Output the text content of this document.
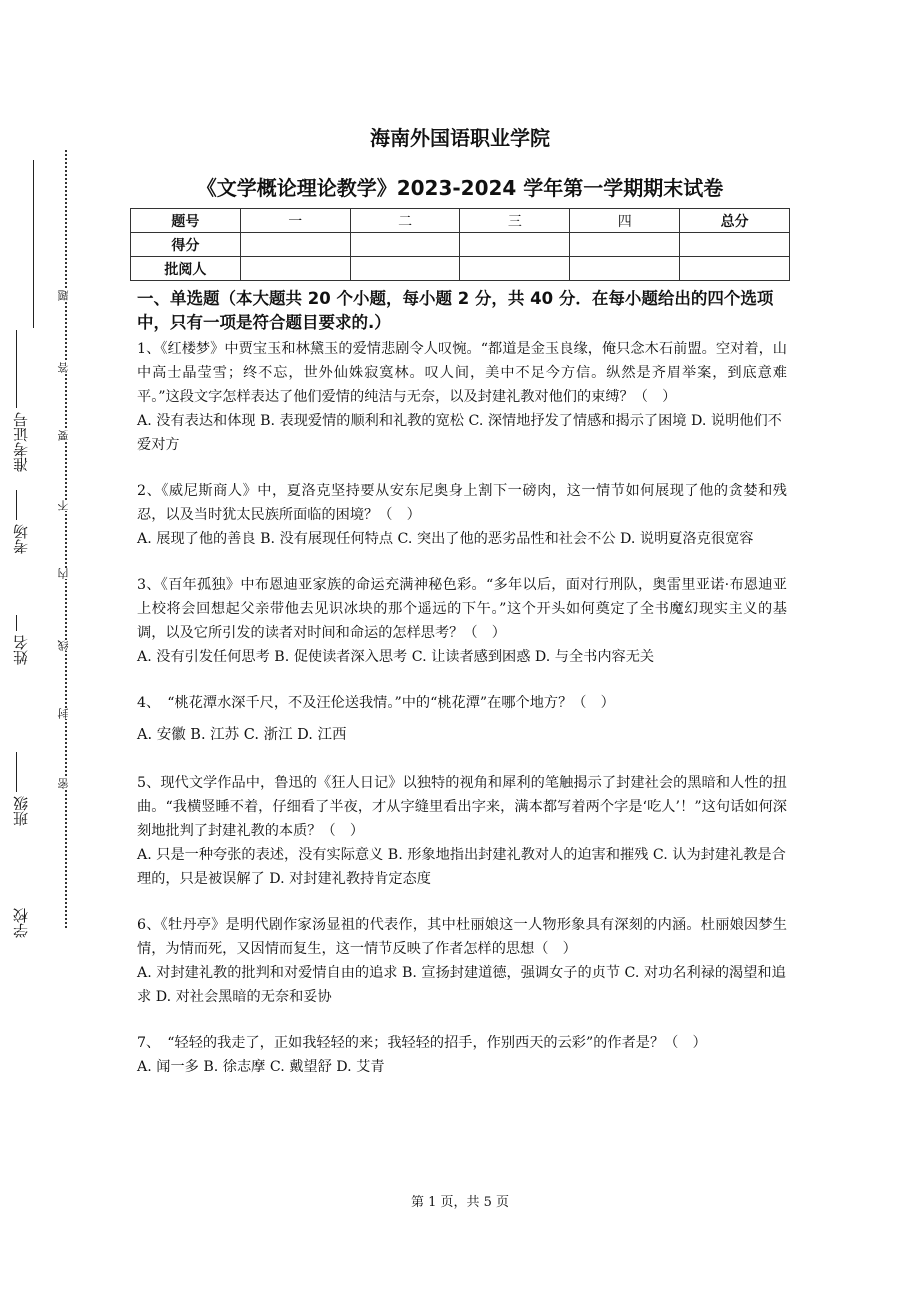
准考证号
考场
姓名
班级
学校
题
答
要
不
内
线
封
密
海南外国语职业学院
《文学概论理论教学》2023-2024 学年第一学期期末试卷
题号	一	二	三	四	总分
得分					
批阅人					
一、单选题（本大题共 20 个小题，每小题 2 分，共 40 分．在每小题给出的四个选项中，只有一项是符合题目要求的.）
1、《红楼梦》中贾宝玉和林黛玉的爱情悲剧令人叹惋。“都道是金玉良缘，俺只念木石前盟。空对着，山中高士晶莹雪；终不忘，世外仙姝寂寞林。叹人间，美中不足今方信。纵然是齐眉举案，到底意难平。”这段文字怎样表达了他们爱情的纯洁与无奈，以及封建礼教对他们的束缚？（　）
A. 没有表达和体现 B. 表现爱情的顺利和礼教的宽松 C. 深情地抒发了情感和揭示了困境 D. 说明他们不爱对方
2、《威尼斯商人》中，夏洛克坚持要从安东尼奥身上割下一磅肉，这一情节如何展现了他的贪婪和残忍，以及当时犹太民族所面临的困境？（　）
A. 展现了他的善良 B. 没有展现任何特点 C. 突出了他的恶劣品性和社会不公 D. 说明夏洛克很宽容
3、《百年孤独》中布恩迪亚家族的命运充满神秘色彩。“多年以后，面对行刑队，奥雷里亚诺·布恩迪亚上校将会回想起父亲带他去见识冰块的那个遥远的下午。”这个开头如何奠定了全书魔幻现实主义的基调，以及它所引发的读者对时间和命运的怎样思考？（　）
A. 没有引发任何思考 B. 促使读者深入思考 C. 让读者感到困惑 D. 与全书内容无关
4、　“桃花潭水深千尺，不及汪伦送我情。”中的“桃花潭”在哪个地方？（　）
A. 安徽 B. 江苏 C. 浙江 D. 江西
5、现代文学作品中，鲁迅的《狂人日记》以独特的视角和犀利的笔触揭示了封建社会的黑暗和人性的扭曲。“我横竖睡不着，仔细看了半夜，才从字缝里看出字来，满本都写着两个字是‘吃人’！”这句话如何深刻地批判了封建礼教的本质？（　）
A. 只是一种夸张的表述，没有实际意义 B. 形象地指出封建礼教对人的迫害和摧残 C. 认为封建礼教是合理的，只是被误解了 D. 对封建礼教持肯定态度
6、《牡丹亭》是明代剧作家汤显祖的代表作，其中杜丽娘这一人物形象具有深刻的内涵。杜丽娘因梦生情，为情而死，又因情而复生，这一情节反映了作者怎样的思想（　）
A. 对封建礼教的批判和对爱情自由的追求 B. 宣扬封建道德，强调女子的贞节 C. 对功名利禄的渴望和追求 D. 对社会黑暗的无奈和妥协
7、　“轻轻的我走了，正如我轻轻的来；我轻轻的招手，作别西天的云彩”的作者是？（　）
A. 闻一多 B. 徐志摩 C. 戴望舒 D. 艾青
第 1 页，共 5 页
